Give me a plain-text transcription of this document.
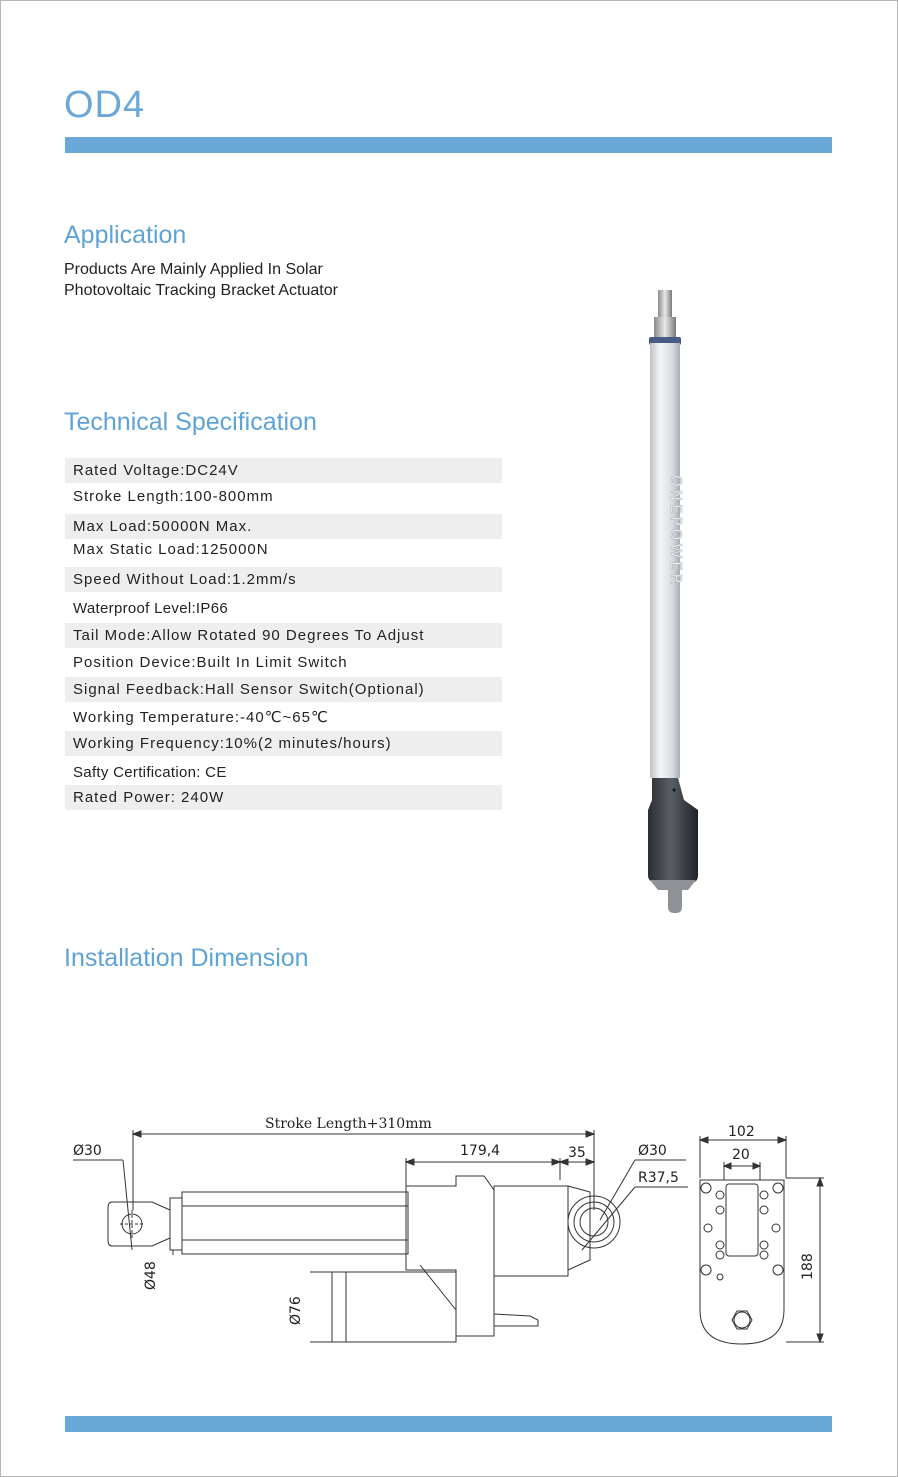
OD4
Application
Products Are Mainly Applied In Solar
Photovoltaic Tracking Bracket Actuator
Technical Specification
Rated Voltage:DC24V
Stroke Length:100-800mm
Max Load:50000N Max.
Max Static Load:125000N
Speed Without Load:1.2mm/s
Waterproof Level:IP66
Tail Mode:Allow Rotated 90 Degrees To Adjust
Position Device:Built In Limit Switch
Signal Feedback:Hall Sensor Switch(Optional)
Working Temperature:-40℃~65℃
Working Frequency:10%(2 minutes/hours)
Safty Certification: CE
Rated Power: 240W
ONEPOWER
Installation Dimension
Stroke Length+310mm
179,4	35
Ø30	Ø30
R37,5
Ø48
Ø76
102
20
188
